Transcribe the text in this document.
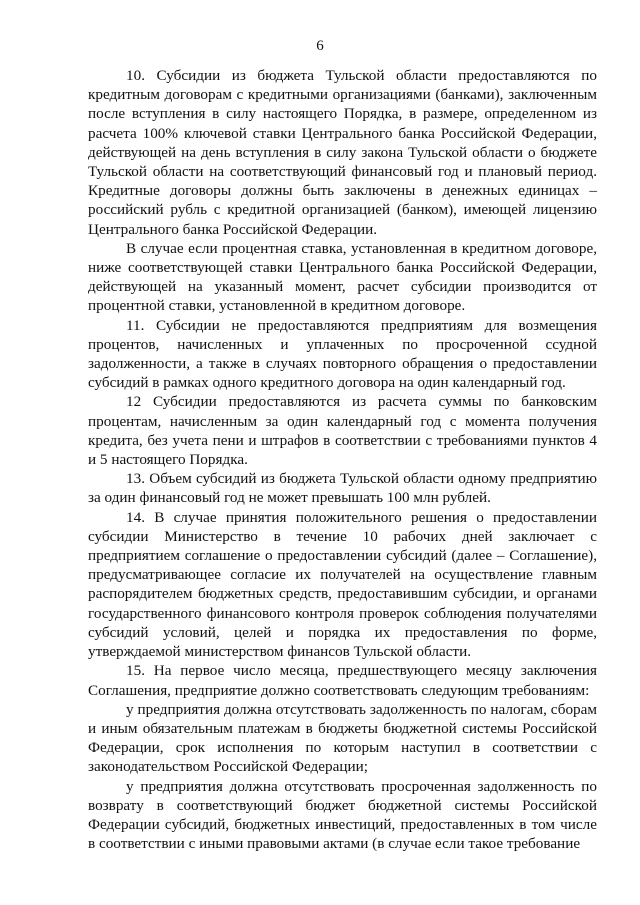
6

10. Субсидии из бюджета Тульской области предоставляются по кредитным договорам с кредитными организациями (банками), заключенным после вступления в силу настоящего Порядка, в размере, определенном из расчета 100% ключевой ставки Центрального банка Российской Федерации, действующей на день вступления в силу закона Тульской области о бюджете Тульской области на соответствующий финансовый год и плановый период. Кредитные договоры должны быть заключены в денежных единицах – российский рубль с кредитной организацией (банком), имеющей лицензию Центрального банка Российской Федерации.

В случае если процентная ставка, установленная в кредитном договоре, ниже соответствующей ставки Центрального банка Российской Федерации, действующей на указанный момент, расчет субсидии производится от процентной ставки, установленной в кредитном договоре.

11. Субсидии не предоставляются предприятиям для возмещения процентов, начисленных и уплаченных по просроченной ссудной задолженности, а также в случаях повторного обращения о предоставлении субсидий в рамках одного кредитного договора на один календарный год.

12 Субсидии предоставляются из расчета суммы по банковским процентам, начисленным за один календарный год с момента получения кредита, без учета пени и штрафов в соответствии с требованиями пунктов 4 и 5 настоящего Порядка.

13. Объем субсидий из бюджета Тульской области одному предприятию за один финансовый год не может превышать 100 млн рублей.

14. В случае принятия положительного решения о предоставлении субсидии Министерство в течение 10 рабочих дней заключает с предприятием соглашение о предоставлении субсидий (далее – Соглашение), предусматривающее согласие их получателей на осуществление главным распорядителем бюджетных средств, предоставившим субсидии, и органами государственного финансового контроля проверок соблюдения получателями субсидий условий, целей и порядка их предоставления по форме, утверждаемой министерством финансов Тульской области.

15. На первое число месяца, предшествующего месяцу заключения Соглашения, предприятие должно соответствовать следующим требованиям:

у предприятия должна отсутствовать задолженность по налогам, сборам и иным обязательным платежам в бюджеты бюджетной системы Российской Федерации, срок исполнения по которым наступил в соответствии с законодательством Российской Федерации;

у предприятия должна отсутствовать просроченная задолженность по возврату в соответствующий бюджет бюджетной системы Российской Федерации субсидий, бюджетных инвестиций, предоставленных в том числе в соответствии с иными правовыми актами (в случае если такое требование
